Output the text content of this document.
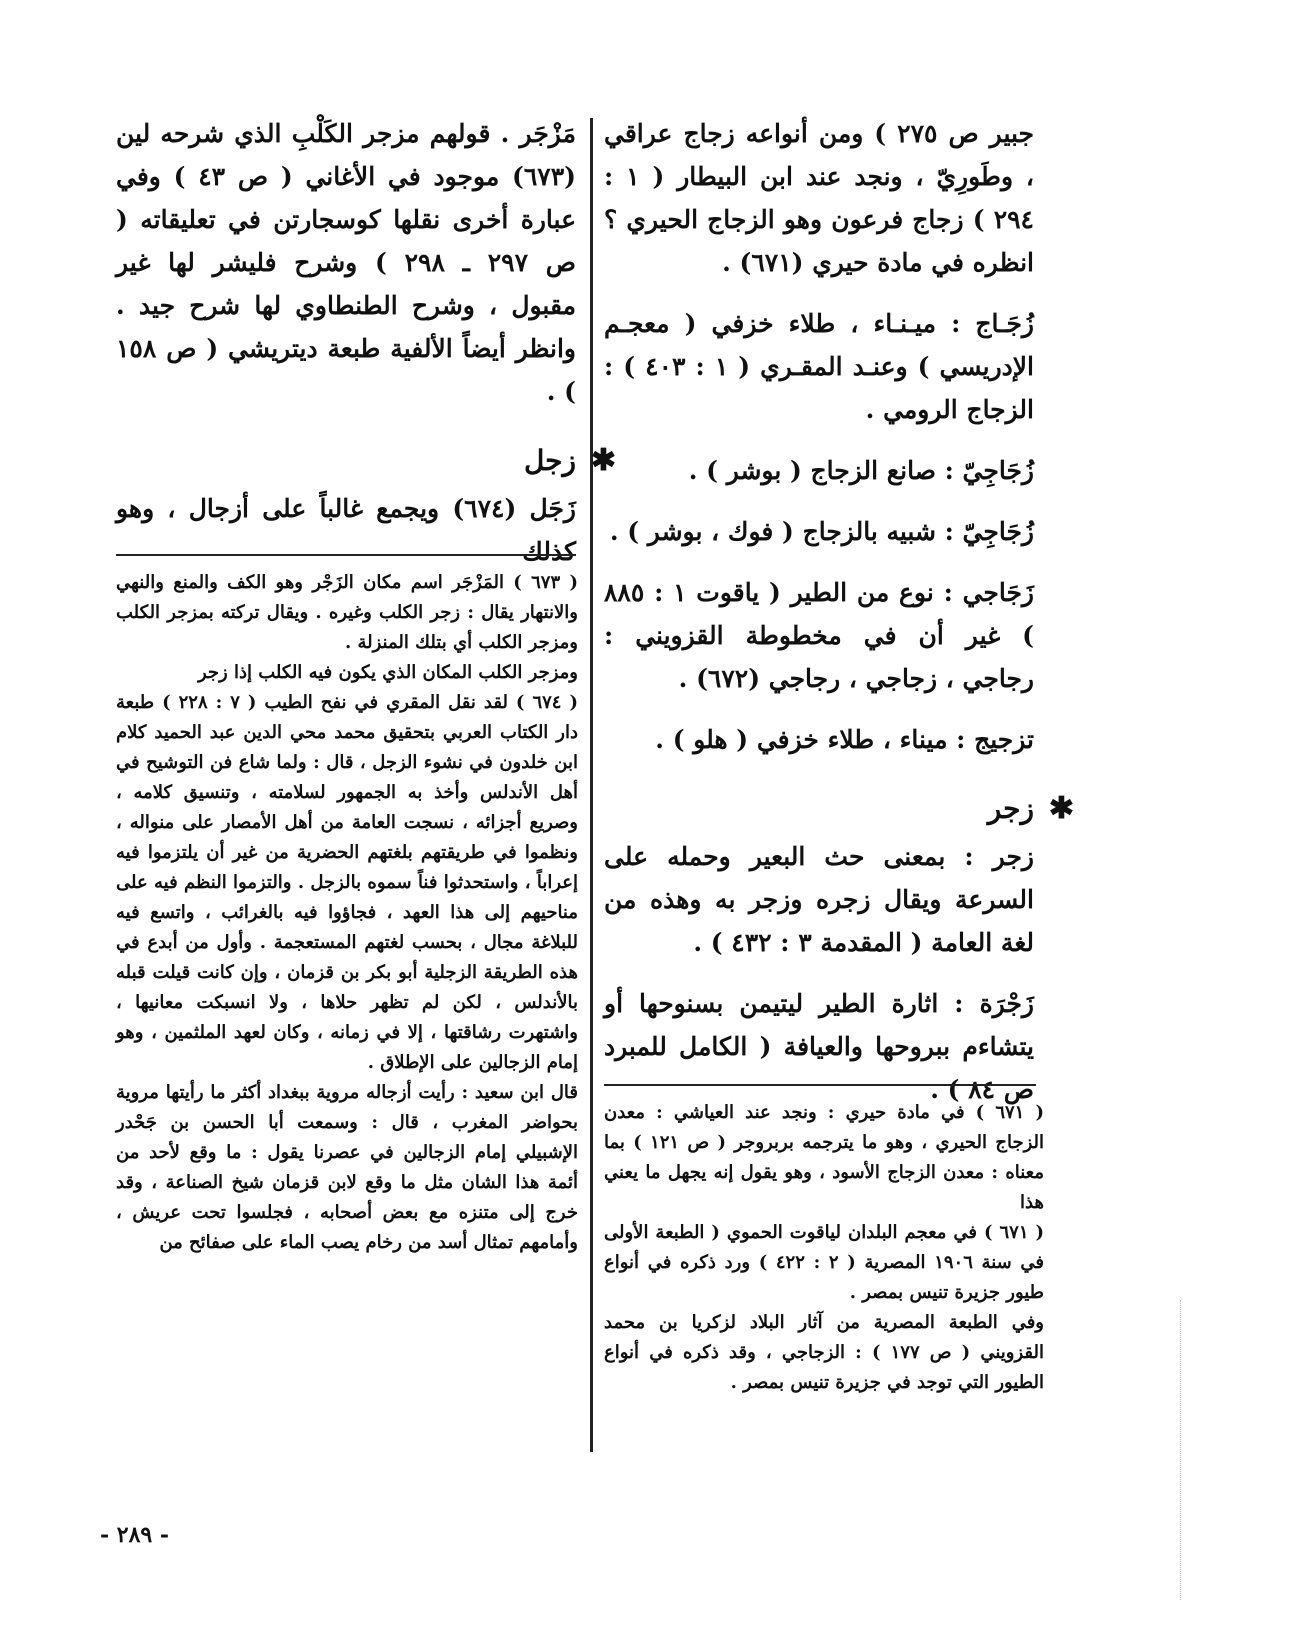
جبير ص ٢٧٥ ) ومن أنواعه زجاج عراقي ، وطَورِيّ ، ونجد عند ابن البيطار ( ١ : ٢٩٤ ) زجاج فرعون وهو الزجاج الحيري ؟ انظره في مادة حيري (٦٧١) .

زُجَـاج : ميـنـاء ، طلاء خزفي ( معجـم الإدريسي ) وعنـد المقـري ( ١ : ٤٠٣ ) : الزجاج الرومي .

زُجَاجِيّ : صانع الزجاج ( بوشر ) .

زُجَاجِيّ : شبيه بالزجاج ( فوك ، بوشر ) .

زَجَاجي : نوع من الطير ( ياقوت ١ : ٨٨٥ ) غير أن في مخطوطة القزويني : رجاجي ، زجاجي ، رجاجي (٦٧٢) .

تزجيج : ميناء ، طلاء خزفي ( هلو ) .

✱
زجر

زجر : بمعنى حث البعير وحمله على السرعة ويقال زجره وزجر به وهذه من لغة العامة ( المقدمة ٣ : ٤٣٢ ) .

زَجْرَة : اثارة الطير ليتيمن بسنوحها أو يتشاءم ببروحها والعيافة ( الكامل للمبرد ص ٨٤ ) .

مَزْجَر . قولهم مزجر الكَلْبِ الذي شرحه لين (٦٧٣) موجود في الأغاني ( ص ٤٣ ) وفي عبارة أخرى نقلها كوسجارتن في تعليقاته ( ص ٢٩٧ ـ ٢٩٨ ) وشرح فليشر لها غير مقبول ، وشرح الطنطاوي لها شرح جيد . وانظر أيضاً الألفية طبعة ديتريشي ( ص ١٥٨ ) .

✱
زجل

زَجَل (٦٧٤) ويجمع غالباً على أزجال ، وهو كذلك

( ٦٧١ ) في مادة حيري : ونجد عند العياشي : معدن الزجاج الحيري ، وهو ما يترجمه بربروجر ( ص ١٢١ ) بما معناه : معدن الزجاج الأسود ، وهو يقول إنه يجهل ما يعني هذا

( ٦٧١ ) في معجم البلدان لياقوت الحموي ( الطبعة الأولى في سنة ١٩٠٦ المصرية ( ٢ : ٤٢٢ ) ورد ذكره في أنواع طيور جزيرة تنيس بمصر .

وفي الطبعة المصرية من آثار البلاد لزكريا بن محمد القزويني ( ص ١٧٧ ) : الزجاجي ، وقد ذكره في أنواع الطيور التي توجد في جزيرة تنيس بمصر .

( ٦٧٣ ) المَزْجَر اسم مكان الزَجْر وهو الكف والمنع والنهي والانتهار يقال : زجر الكلب وغيره . ويقال تركته بمزجر الكلب ومزجر الكلب أي بتلك المنزلة .

ومزجر الكلب المكان الذي يكون فيه الكلب إذا زجر

( ٦٧٤ ) لقد نقل المقري في نفح الطيب ( ٧ : ٢٢٨ ) طبعة دار الكتاب العربي بتحقيق محمد محي الدين عبد الحميد كلام ابن خلدون في نشوء الزجل ، قال : ولما شاع فن التوشيح في أهل الأندلس وأخذ به الجمهور لسلامته ، وتنسيق كلامه ، وصريع أجزائه ، نسجت العامة من أهل الأمصار على منواله ، ونظموا في طريقتهم بلغتهم الحضرية من غير أن يلتزموا فيه إعراباً ، واستحدثوا فناً سموه بالزجل . والتزموا النظم فيه على مناحيهم إلى هذا العهد ، فجاؤوا فيه بالغرائب ، واتسع فيه للبلاغة مجال ، بحسب لغتهم المستعجمة . وأول من أبدع في هذه الطريقة الزجلية أبو بكر بن قزمان ، وإن كانت قيلت قبله بالأندلس ، لكن لم تظهر حلاها ، ولا انسبكت معانيها ، واشتهرت رشاقتها ، إلا في زمانه ، وكان لعهد الملثمين ، وهو إمام الزجالين على الإطلاق .

قال ابن سعيد : رأيت أزجاله مروية ببغداد أكثر ما رأيتها مروية بحواضر المغرب ، قال : وسمعت أبا الحسن بن جَحْدر الإشبيلي إمام الزجالين في عصرنا يقول : ما وقع لأحد من أئمة هذا الشان مثل ما وقع لابن قزمان شيخ الصناعة ، وقد خرج إلى متنزه مع بعض أصحابه ، فجلسوا تحت عريش ، وأمامهم تمثال أسد من رخام يصب الماء على صفائح من

- ٢٨٩ -
